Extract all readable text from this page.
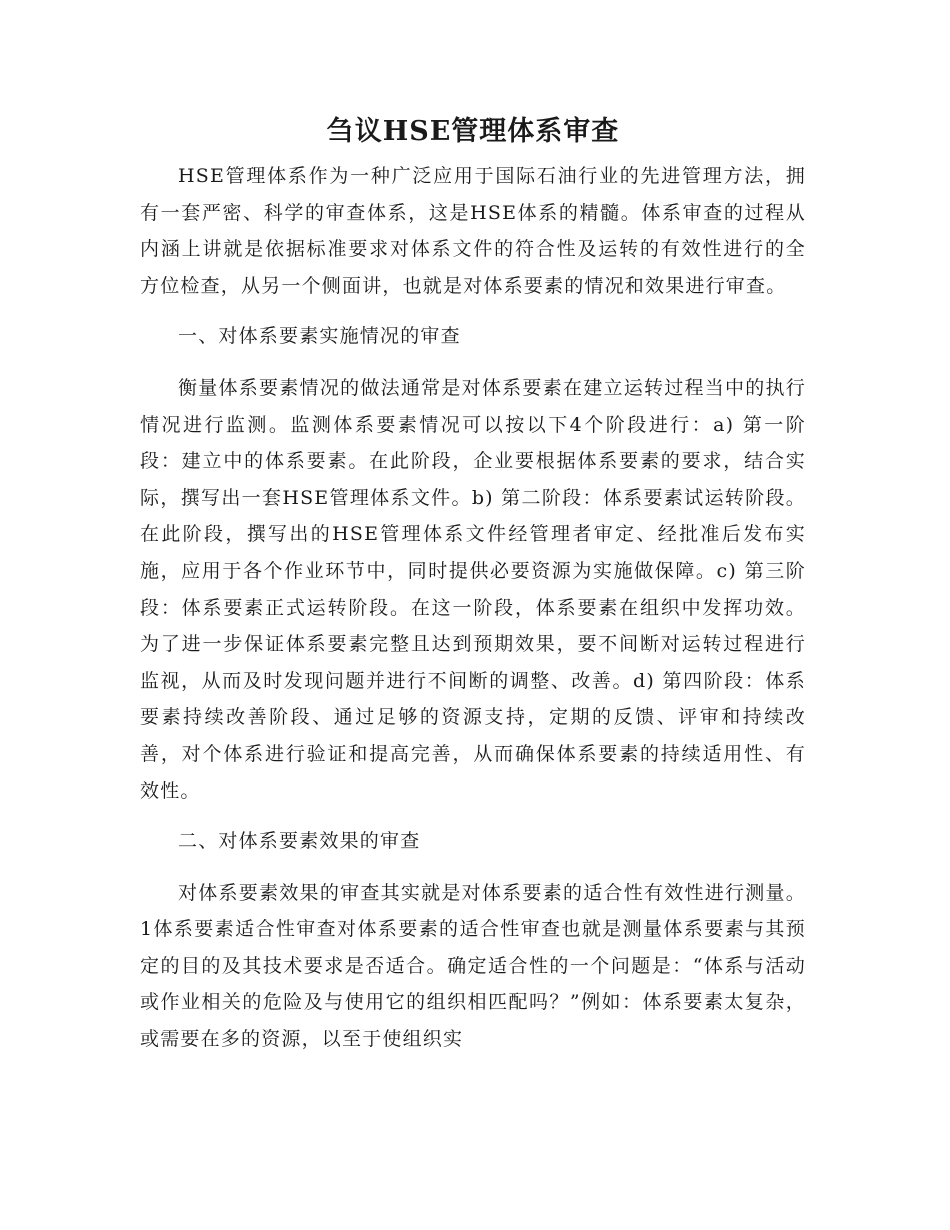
刍议HSE管理体系审查

HSE管理体系作为一种广泛应用于国际石油行业的先进管理方法，拥有一套严密、科学的审查体系，这是HSE体系的精髓。体系审查的过程从内涵上讲就是依据标准要求对体系文件的符合性及运转的有效性进行的全方位检查，从另一个侧面讲，也就是对体系要素的情况和效果进行审查。

一、对体系要素实施情况的审查

衡量体系要素情况的做法通常是对体系要素在建立运转过程当中的执行情况进行监测。监测体系要素情况可以按以下4个阶段进行：a) 第一阶段：建立中的体系要素。在此阶段，企业要根据体系要素的要求，结合实际，撰写出一套HSE管理体系文件。b) 第二阶段：体系要素试运转阶段。在此阶段，撰写出的HSE管理体系文件经管理者审定、经批准后发布实施，应用于各个作业环节中，同时提供必要资源为实施做保障。c) 第三阶段：体系要素正式运转阶段。在这一阶段，体系要素在组织中发挥功效。为了进一步保证体系要素完整且达到预期效果，要不间断对运转过程进行监视，从而及时发现问题并进行不间断的调整、改善。d) 第四阶段：体系要素持续改善阶段、通过足够的资源支持，定期的反馈、评审和持续改善，对个体系进行验证和提高完善，从而确保体系要素的持续适用性、有效性。

二、对体系要素效果的审查

对体系要素效果的审查其实就是对体系要素的适合性有效性进行测量。1体系要素适合性审查对体系要素的适合性审查也就是测量体系要素与其预定的目的及其技术要求是否适合。确定适合性的一个问题是：“体系与活动或作业相关的危险及与使用它的组织相匹配吗？”例如：体系要素太复杂，或需要在多的资源，以至于使组织实
